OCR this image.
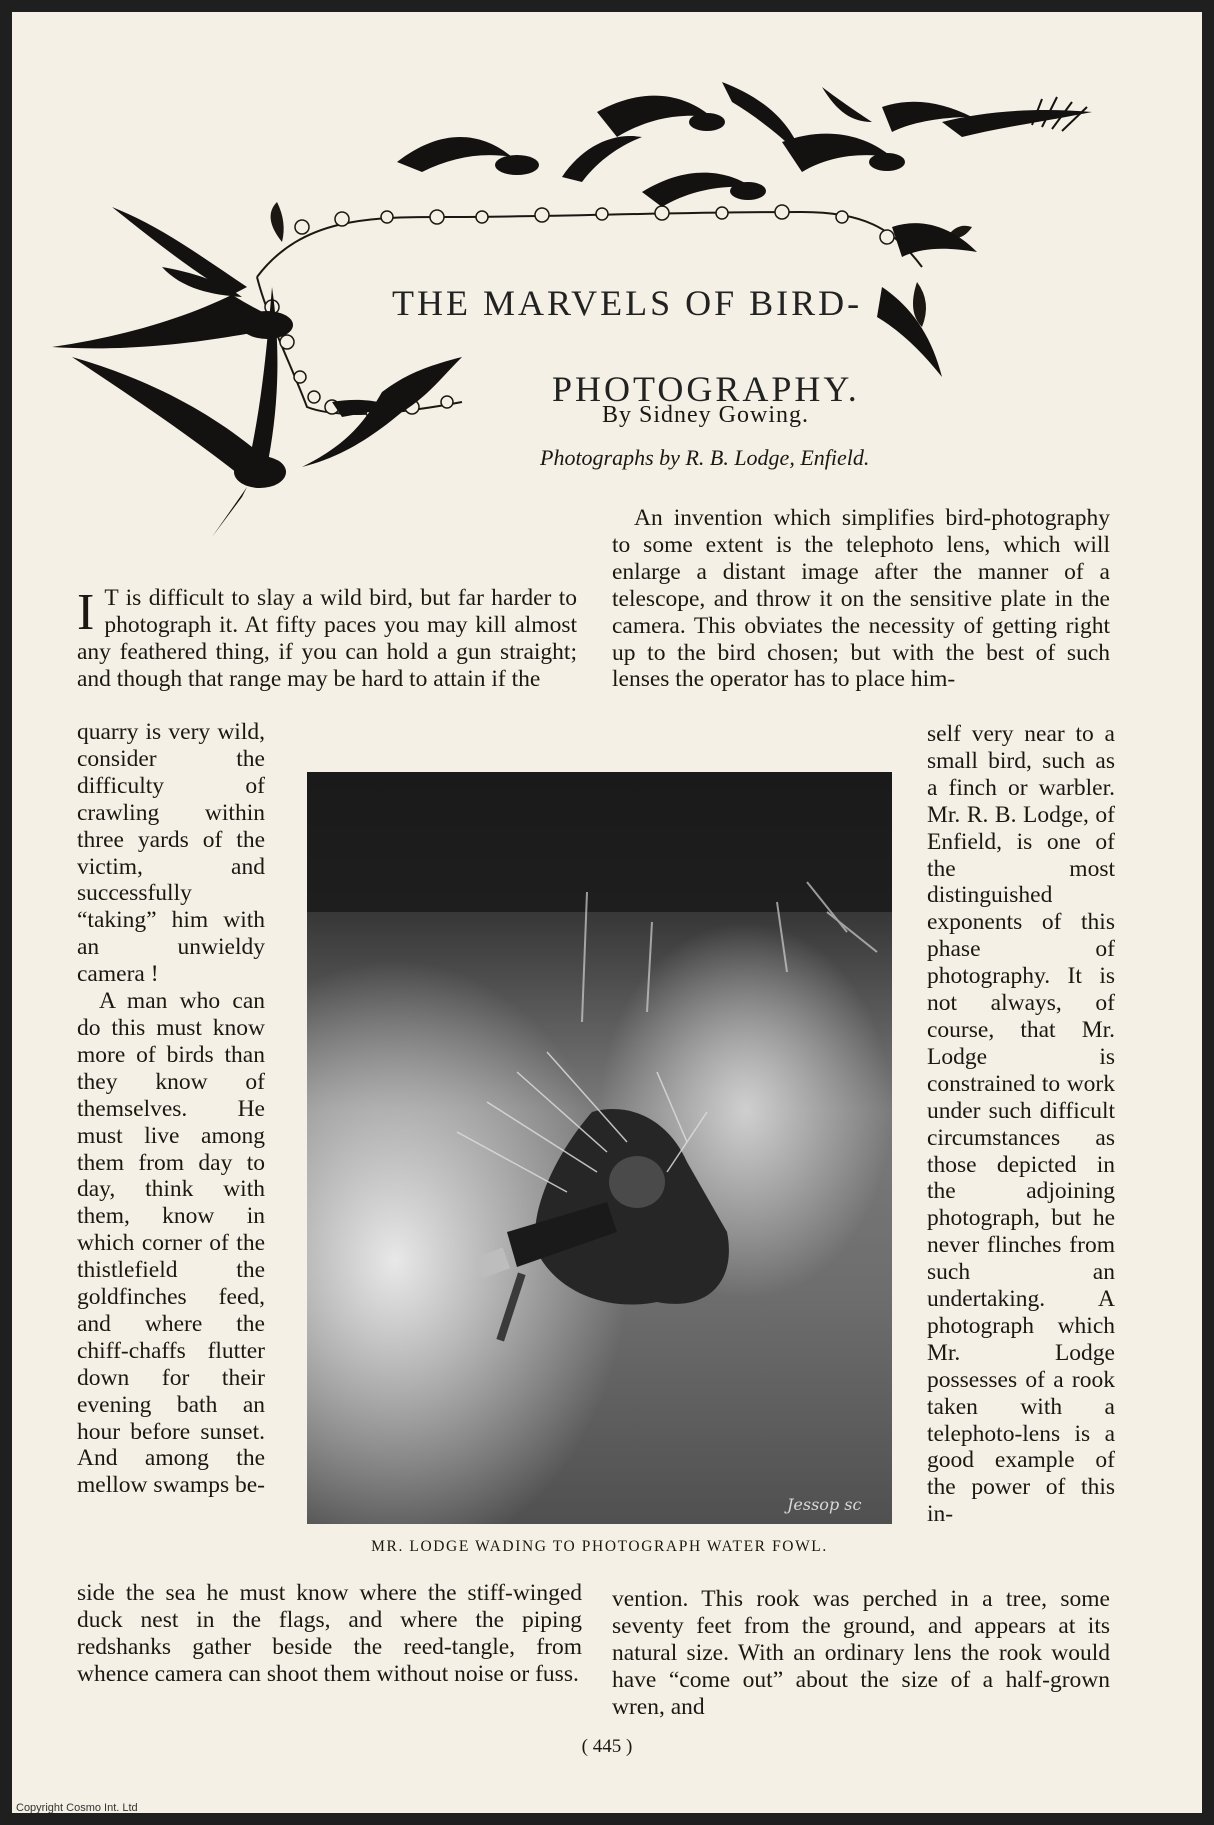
THE MARVELS OF BIRD-
PHOTOGRAPHY.
By Sidney Gowing.
Photographs by R. B. Lodge, Enfield.

I T is difficult to slay a wild bird, but far harder to photograph it. At fifty paces you may kill almost any feathered thing, if you can hold a gun straight; and though that range may be hard to attain if the

quarry is very wild, consider the difficulty of crawling within three yards of the victim, and successfully “taking” him with an unwieldy camera !

A man who can do this must know more of birds than they know of themselves. He must live among them from day to day, think with them, know in which corner of the thistlefield the goldfinches feed, and where the chiff-chaffs flutter down for their evening bath an hour before sunset. And among the mellow swamps be-

side the sea he must know where the stiff-winged duck nest in the flags, and where the piping redshanks gather beside the reed-tangle, from whence camera can shoot them without noise or fuss.

An invention which simplifies bird-photography to some extent is the telephoto lens, which will enlarge a distant image after the manner of a telescope, and throw it on the sensitive plate in the camera. This obviates the necessity of getting right up to the bird chosen; but with the best of such lenses the operator has to place him-

self very near to a small bird, such as a finch or warbler. Mr. R. B. Lodge, of Enfield, is one of the most distinguished exponents of this phase of photography. It is not always, of course, that Mr. Lodge is constrained to work under such difficult circumstances as those depicted in the adjoining photograph, but he never flinches from such an undertaking. A photograph which Mr. Lodge possesses of a rook taken with a telephoto-lens is a good example of the power of this in-

vention. This rook was perched in a tree, some seventy feet from the ground, and appears at its natural size. With an ordinary lens the rook would have “come out” about the size of a half-grown wren, and

Jessop sc
MR. LODGE WADING TO PHOTOGRAPH WATER FOWL.
( 445 )
Copyright Cosmo Int. Ltd
